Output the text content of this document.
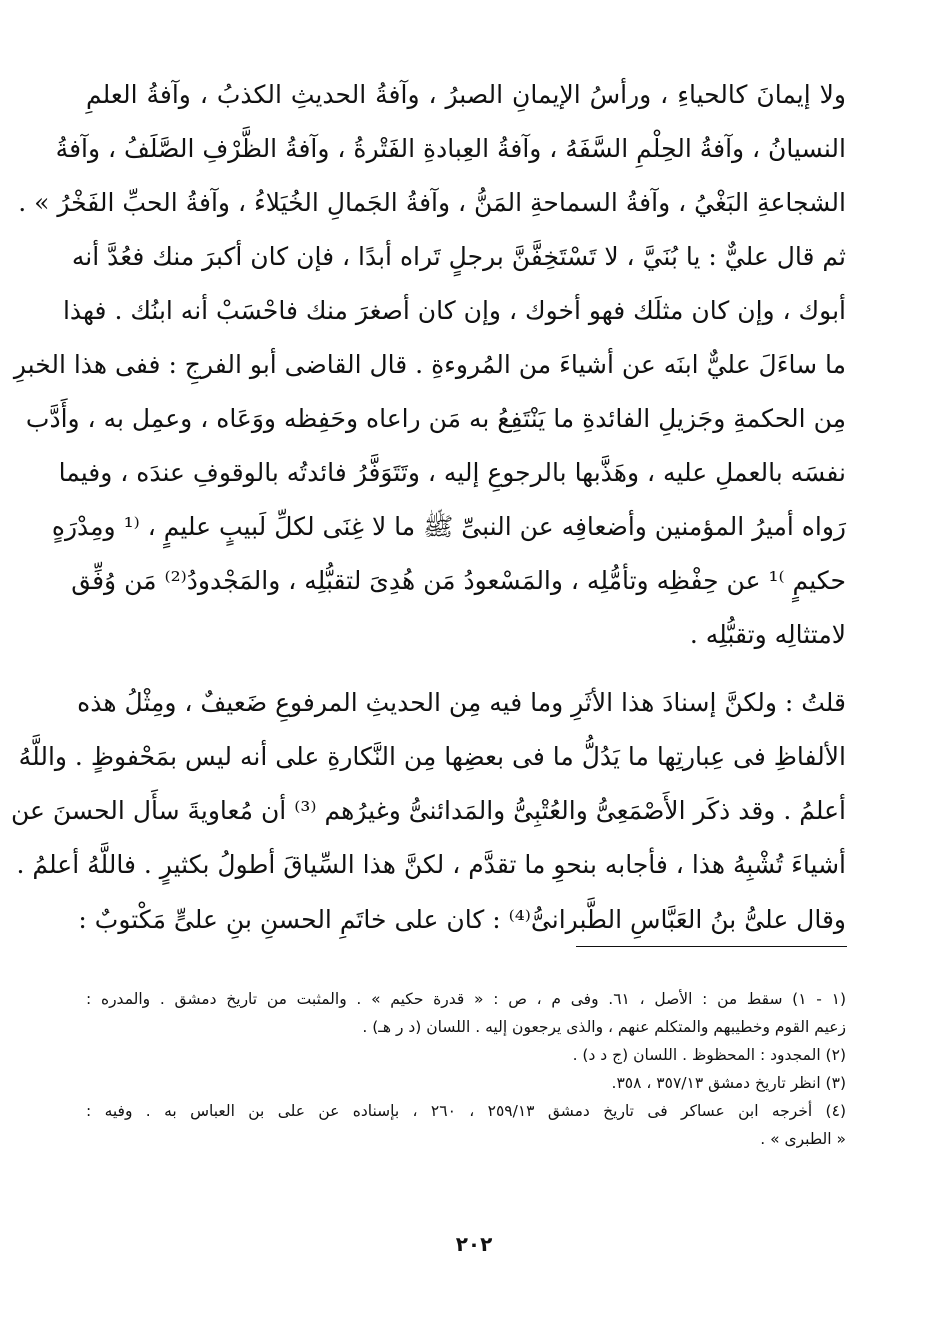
ولا إيمانَ كالحياءِ ، ورأسُ الإيمانِ الصبرُ ، وآفةُ الحديثِ الكذبُ ، وآفةُ العلمِ
النسيانُ ، وآفةُ الحِلْمِ السَّفَهُ ، وآفةُ العِبادةِ الفَتْرةُ ، وآفةُ الظَّرْفِ الصَّلَفُ ، وآفةُ
الشجاعةِ البَغْيُ ، وآفةُ السماحةِ المَنُّ ، وآفةُ الجَمالِ الخُيَلاءُ ، وآفةُ الحبِّ الفَخْرُ » .
ثم قال عليٌّ : يا بُنَيَّ ، لا تَسْتَخِفَّنَّ برجلٍ تَراه أبدًا ، فإن كان أكبرَ منك فعُدَّ أنه
أبوك ، وإن كان مثلَك فهو أخوك ، وإن كان أصغرَ منك فاحْسَبْ أنه ابنُك . فهذا
ما ساءَلَ عليٌّ ابنَه عن أشياءَ من المُروءةِ . قال القاضى أبو الفرجِ : ففى هذا الخبرِ
مِن الحكمةِ وجَزيلِ الفائدةِ ما يَنْتَفِعُ به مَن راعاه وحَفِظه ووَعَاه ، وعمِل به ، وأَدَّب
نفسَه بالعملِ عليه ، وهَذَّبها بالرجوعِ إليه ، وتَتَوَفَّرُ فائدتُه بالوقوفِ عندَه ، وفيما
رَواه أميرُ المؤمنين وأضعافِه عن النبىِّ ﷺ ما لا غِنَى لكلِّ لَبيبٍ عليمٍ ، ⁽¹ ومِدْرَهٍ
حكيمٍ ⁾¹ عن حِفْظِه وتأمُّلِه ، والمَسْعودُ مَن هُدِىَ لتقبُّلِه ، والمَجْدودُ⁽²⁾ مَن وُفِّق
لامتثالِه وتقبُّلِه .
قلتُ : ولكنَّ إسنادَ هذا الأثَرِ وما فيه مِن الحديثِ المرفوعِ ضَعيفٌ ، ومِثْلُ هذه
الألفاظِ فى عِبارتِها ما يَدُلُّ ما فى بعضِها مِن النَّكارةِ على أنه ليس بمَحْفوظٍ . واللَّهُ
أعلمُ . وقد ذكَر الأَصْمَعِىُّ والعُتْبِىُّ والمَدائنىُّ وغيرُهم ⁽³⁾ أن مُعاويةَ سأَل الحسنَ عن
أشياءَ تُشْبِهُ هذا ، فأجابه بنحوِ ما تقدَّم ، لكنَّ هذا السِّياقَ أطولُ بكثيرٍ . فاللَّهُ أعلمُ .
وقال علىُّ بنُ العَبَّاسِ الطَّبرانىُّ⁽⁴⁾ : كان على خاتَمِ الحسنِ بنِ علىٍّ مَكْتوبٌ :
(١ - ١) سقط من : الأصل ، ٦١. وفى م ، ص : « قدرة حكيم » . والمثبت من تاريخ دمشق . والمدره :
زعيم القوم وخطيبهم والمتكلم عنهم ، والذى يرجعون إليه . اللسان (د ر هـ) .
(٢) المجدود : المحظوظ . اللسان (ج د د) .
(٣) انظر تاريخ دمشق ٣٥٧/١٣ ، ٣٥٨.
(٤) أخرجه ابن عساكر فى تاريخ دمشق ٢٥٩/١٣ ، ٢٦٠ ، بإسناده عن على بن العباس به . وفيه :
« الطبرى » .
٢٠٢
